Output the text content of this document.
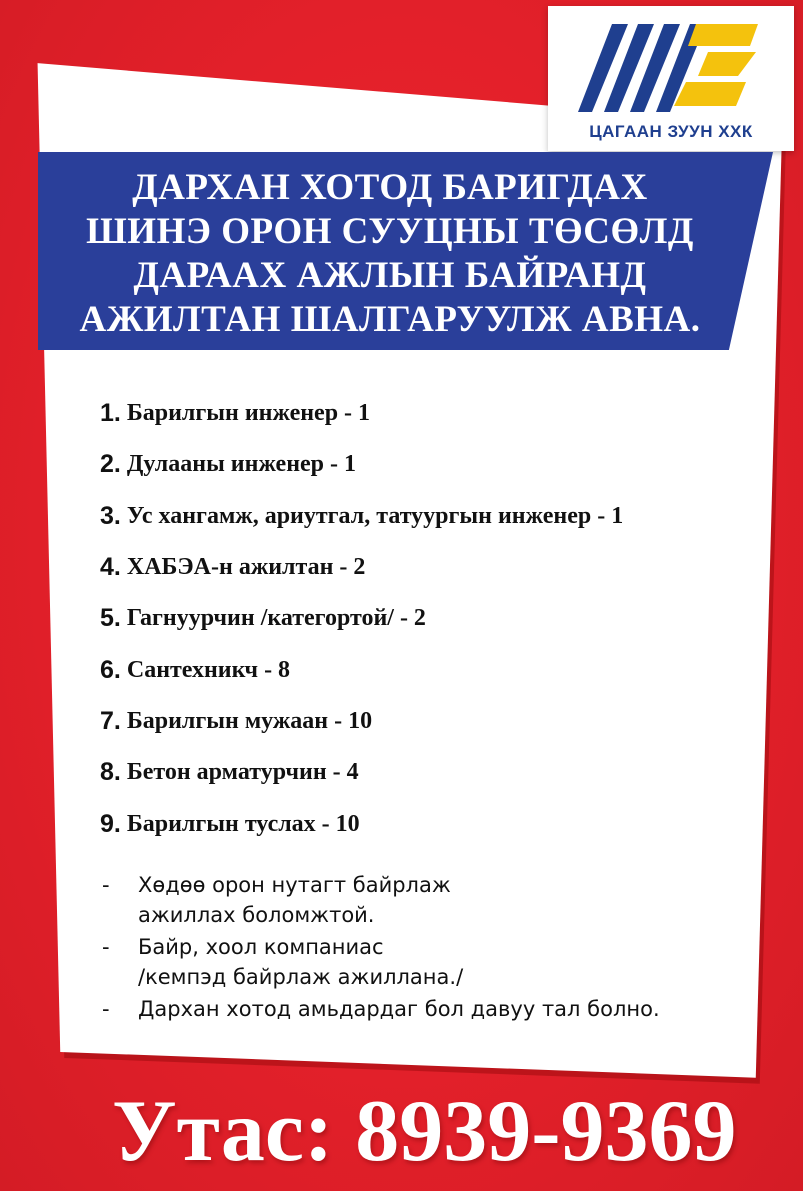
ЦАГААН ЗУУН ХХК
ДАРХАН ХОТОД БАРИГДАХ
ШИНЭ ОРОН СУУЦНЫ ТӨСӨЛД
ДАРААХ АЖЛЫН БАЙРАНД
АЖИЛТАН ШАЛГАРУУЛЖ АВНА.
1. Барилгын инженер - 1
2. Дулааны инженер - 1
3. Ус хангамж, ариутгал, татуургын инженер - 1
4. ХАБЭА-н ажилтан - 2
5. Гагнуурчин /категортой/ - 2
6. Сантехникч - 8
7. Барилгын мужаан - 10
8. Бетон арматурчин - 4
9. Барилгын туслах - 10
-	Хөдөө орон нутагт байрлаж
ажиллах боломжтой.
-	Байр, хоол компаниас
/кемпэд байрлаж ажиллана./
-	Дархан хотод амьдардаг бол давуу тал болно.
Утас: 8939-9369
